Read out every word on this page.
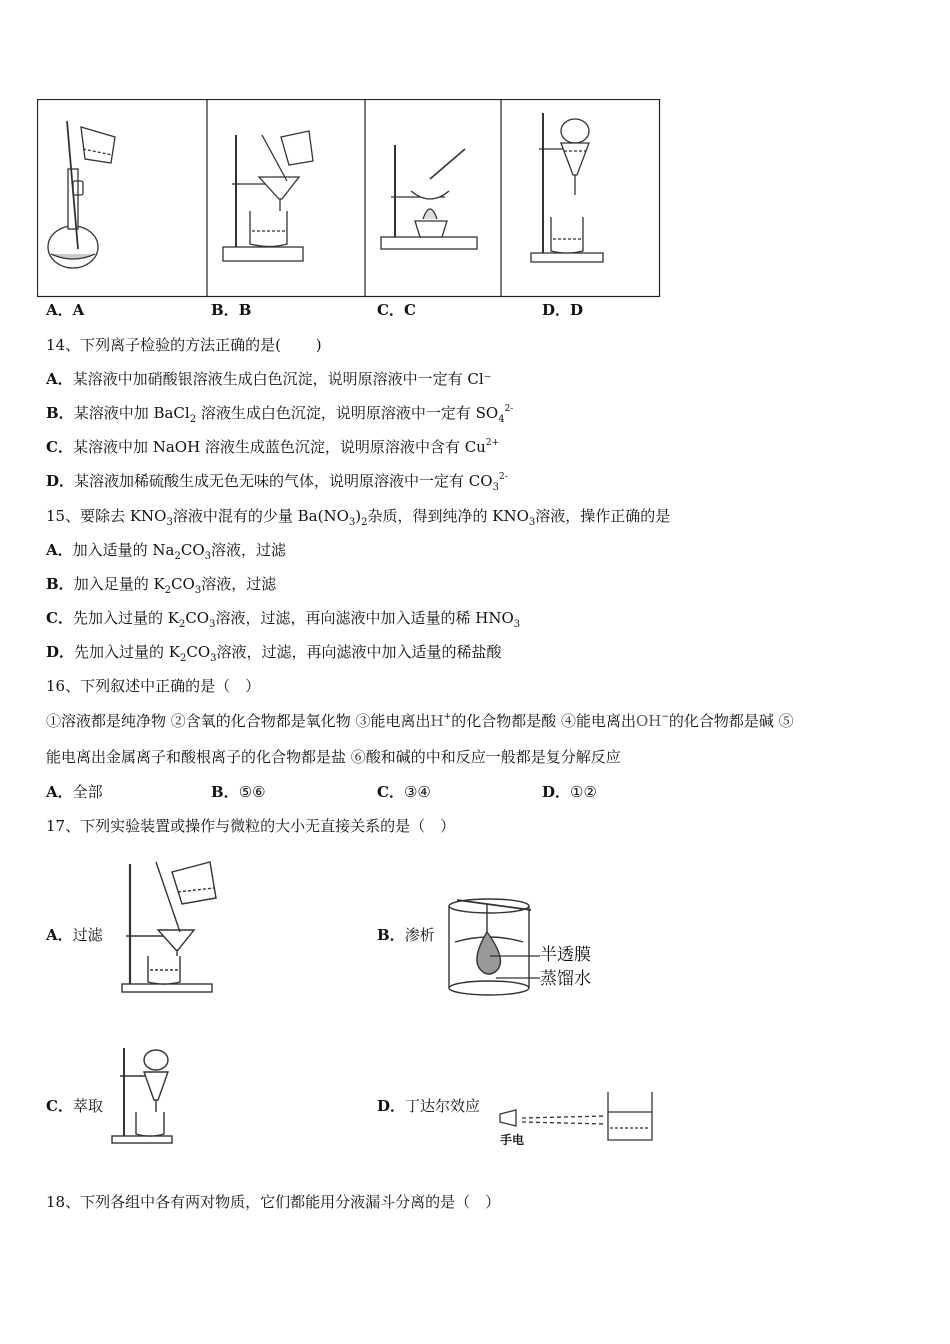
A．A	B．B	C．C	D．D
14、下列离子检验的方法正确的是(　　 )
A．某溶液中加硝酸银溶液生成白色沉淀，说明原溶液中一定有 Cl⁻
B．某溶液中加 BaCl$_2$ 溶液生成白色沉淀，说明原溶液中一定有 $SO_4^{2-}$
C．某溶液中加 NaOH 溶液生成蓝色沉淀，说明原溶液中含有 $Cu^{2+}$
D．某溶液加稀硫酸生成无色无味的气体，说明原溶液中一定有 $CO_3^{2-}$
15、要除去 $KNO_3$溶液中混有的少量 $Ba(NO_3)_2$杂质，得到纯净的 $KNO_3$溶液，操作正确的是
A．加入适量的 $Na_2CO_3$溶液，过滤
B．加入足量的 $K_2CO_3$溶液，过滤
C．先加入过量的 $K_2CO_3$溶液，过滤，再向滤液中加入适量的稀 $HNO_3$
D．先加入过量的 $K_2CO_3$溶液，过滤，再向滤液中加入适量的稀盐酸
16、下列叙述中正确的是（　）
①溶液都是纯净物 ②含氧的化合物都是氧化物 ③能电离出H+的化合物都是酸 ④能电离出OH−的化合物都是碱 ⑤
能电离出金属离子和酸根离子的化合物都是盐 ⑥酸和碱的中和反应一般都是复分解反应
A．全部	B．⑤⑥	C．③④	D．①②
17、下列实验装置或操作与微粒的大小无直接关系的是（　）
A．过滤	B．渗析
半透膜
蒸馏水
C．萃取	D．丁达尔效应
手电
18、下列各组中各有两对物质，它们都能用分液漏斗分离的是（　）
